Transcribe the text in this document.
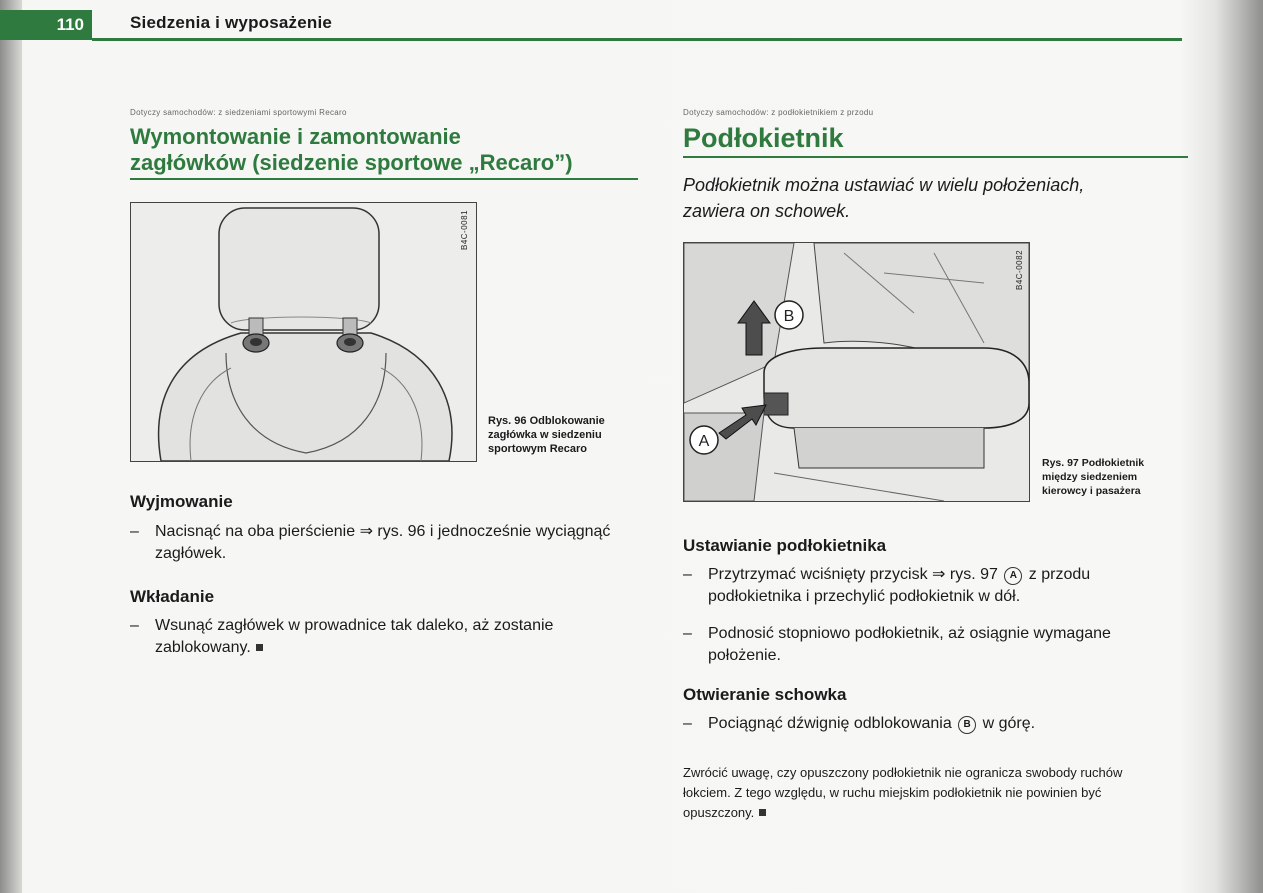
110	Siedzenia i wyposażenie
Dotyczy samochodów: z siedzeniami sportowymi Recaro
Wymontowanie i zamontowanie
zagłówków (siedzenie sportowe „Recaro”)
B4C-0081
Rys. 96 Odblokowanie
zagłówka w siedzeniu
sportowym Recaro
Wyjmowanie
–	Nacisnąć na oba pierścienie ⇒ rys. 96 i jednocześnie wyciągnąć zagłówek.
Wkładanie
–	Wsunąć zagłówek w prowadnice tak daleko, aż zostanie zablokowany.
Dotyczy samochodów: z podłokietnikiem z przodu
Podłokietnik
Podłokietnik można ustawiać w wielu położeniach,
zawiera on schowek.
B
A
B4C-0082
Rys. 97 Podłokietnik
między siedzeniem
kierowcy i pasażera
Ustawianie podłokietnika
–	Przytrzymać wciśnięty przycisk ⇒ rys. 97 A z przodu podłokietnika i przechylić podłokietnik w dół.
–	Podnosić stopniowo podłokietnik, aż osiągnie wymagane położenie.
Otwieranie schowka
–	Pociągnąć dźwignię odblokowania B w górę.
Zwrócić uwagę, czy opuszczony podłokietnik nie ogranicza swobody ruchów łokciem. Z tego względu, w ruchu miejskim podłokietnik nie powinien być opuszczony.
